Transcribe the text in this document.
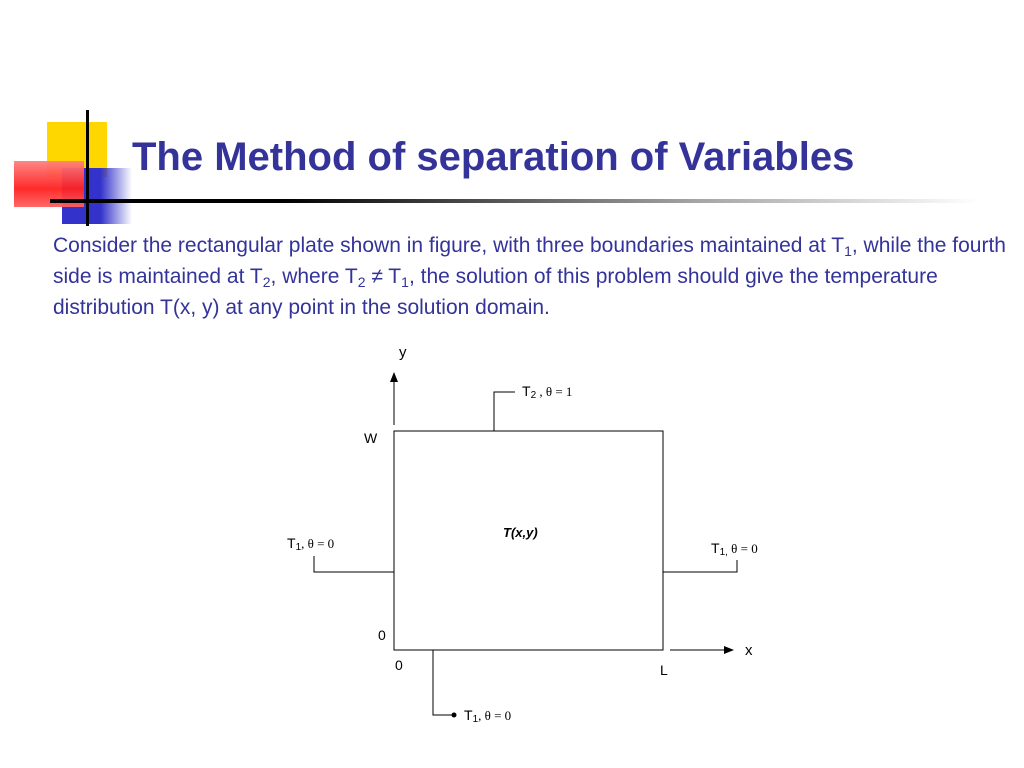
The Method of separation of Variables
Consider the rectangular plate shown in figure, with three boundaries maintained at $T_1$, while the fourth side is maintained at $T_2$, where $T_2 \ne T_1$, the solution of this problem should give the temperature distribution T(x, y) at any point in the solution domain.
y
x
W
L
0
0
T(x,y)
T2 , θ = 1
T1, θ = 0	T1, θ = 0
T1, θ = 0
